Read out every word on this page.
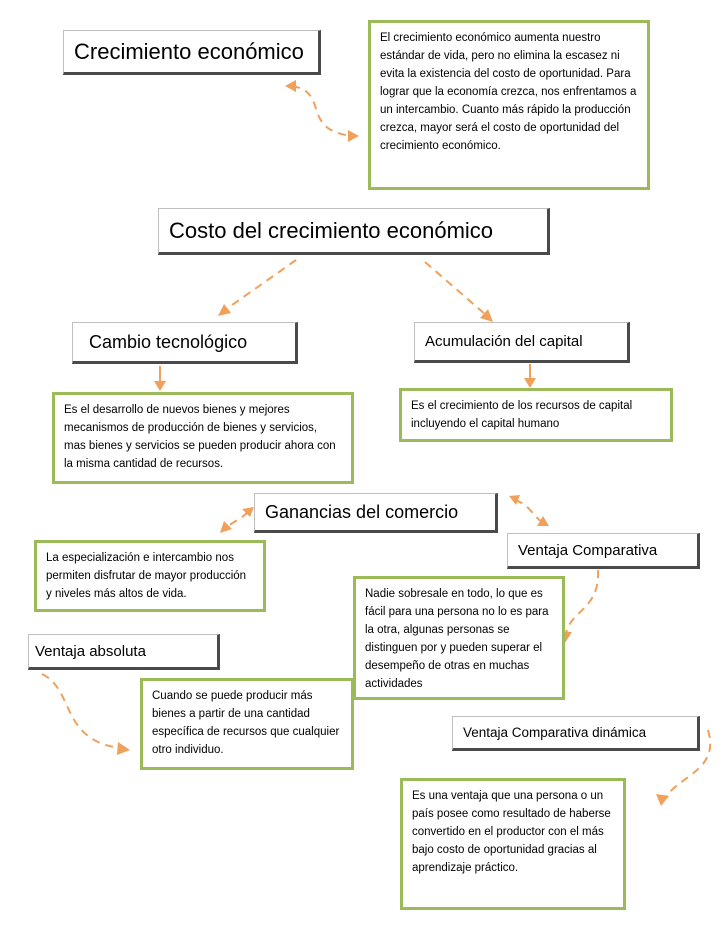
Crecimiento económico
El crecimiento económico aumenta nuestro estándar de vida, pero no elimina la escasez ni evita la existencia del costo de oportunidad. Para lograr que la economía crezca, nos enfrentamos a un intercambio. Cuanto más rápido la producción crezca, mayor será el costo de oportunidad del crecimiento económico.
Costo del crecimiento económico
Cambio tecnológico
Es el desarrollo de nuevos bienes y mejores mecanismos de producción de bienes y servicios, mas bienes y servicios se pueden producir ahora con la misma cantidad de recursos.
Acumulación del capital
Es el crecimiento de los recursos de capital incluyendo el capital humano
Ganancias del comercio
Ventaja Comparativa
La especialización e intercambio nos permiten disfrutar de mayor producción y niveles más altos de vida.	Nadie sobresale en todo, lo que es fácil para una persona no lo es para la otra, algunas personas se distinguen por y pueden superar el desempeño de otras en muchas actividades
Ventaja absoluta
Cuando se puede producir más bienes a partir de una cantidad específica de recursos que cualquier otro individuo.
Ventaja Comparativa dinámica
Es una ventaja que una persona o un país posee como resultado de haberse convertido en el productor con el más bajo costo de oportunidad gracias al aprendizaje práctico.
